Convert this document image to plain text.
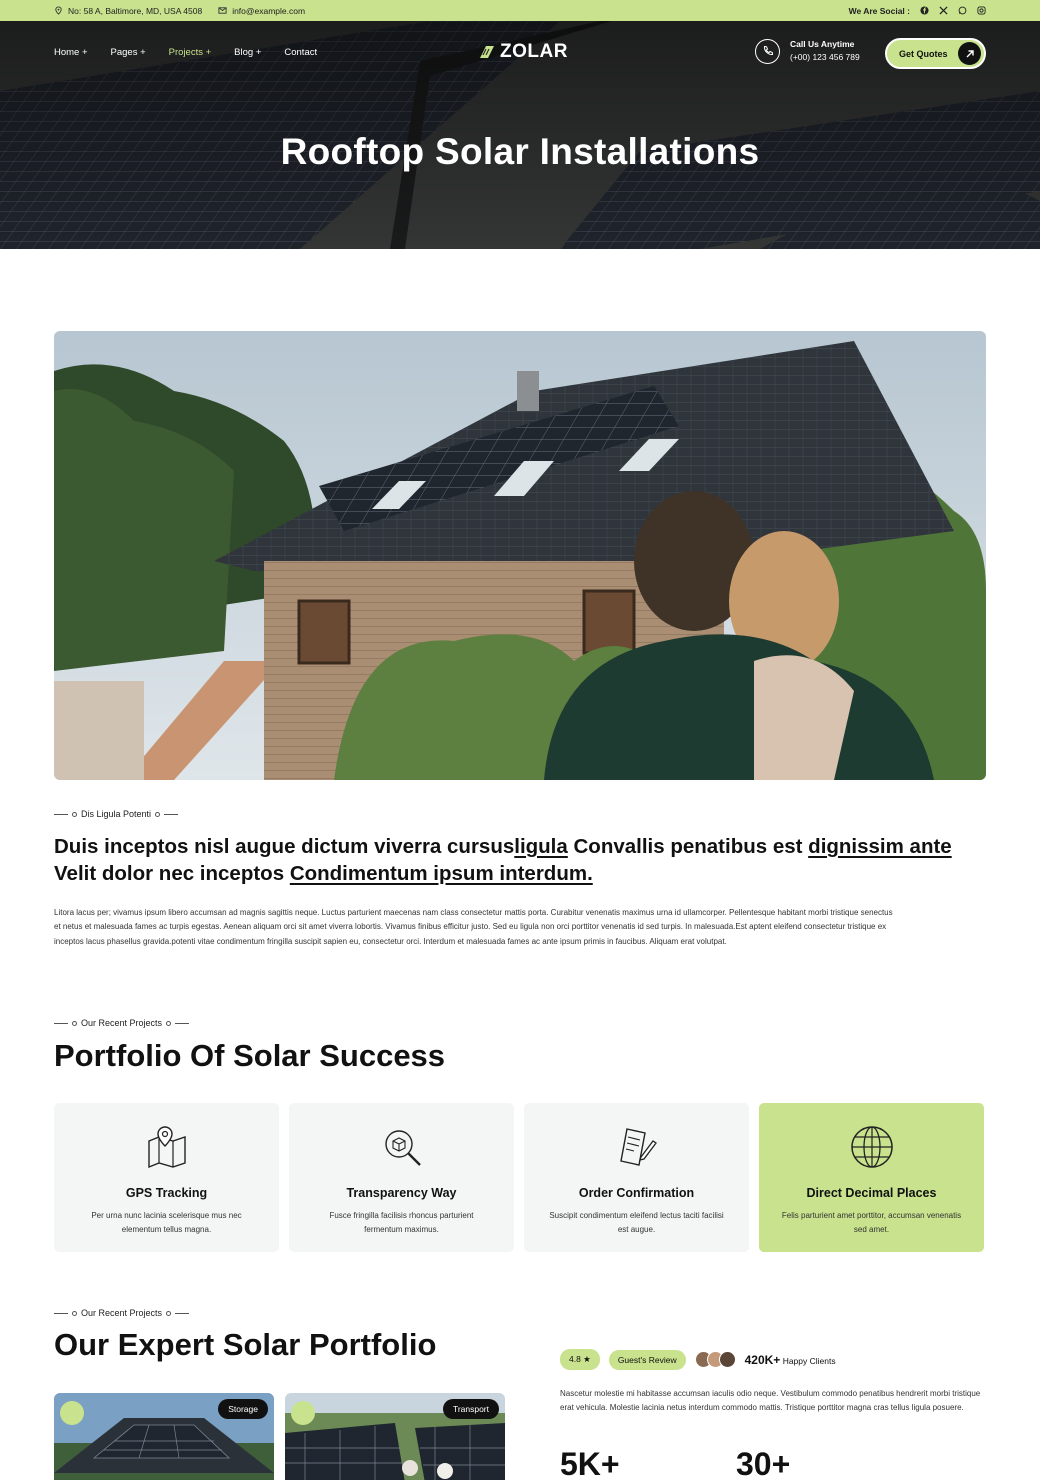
No: 58 A, Baltimore, MD, USA 4508	info@example.com	We Are Social :
Home + Pages + Projects + Blog + Contact	ZOLAR	Call Us Anytime
(+00) 123 456 789	Get Quotes
Rooftop Solar Installations
Dis Ligula Potenti
Duis inceptos nisl augue dictum viverra cursusligula Convallis penatibus est dignissim ante Velit dolor nec inceptos Condimentum ipsum interdum.

Litora lacus per; vivamus ipsum libero accumsan ad magnis sagittis neque. Luctus parturient maecenas nam class consectetur mattis porta. Curabitur venenatis maximus urna id ullamcorper. Pellentesque habitant morbi tristique senectus et netus et malesuada fames ac turpis egestas. Aenean aliquam orci sit amet viverra lobortis. Vivamus finibus efficitur justo. Sed eu ligula non orci porttitor venenatis id sed turpis. In malesuada.Est aptent eleifend consectetur tristique ex inceptos lacus phasellus gravida.potenti vitae condimentum fringilla suscipit sapien eu, consectetur orci. Interdum et malesuada fames ac ante ipsum primis in faucibus. Aliquam erat volutpat.

Our Recent Projects
Portfolio Of Solar Success
GPS Tracking
Per urna nunc lacinia scelerisque mus nec elementum tellus magna.
Transparency Way
Fusce fringilla facilisis rhoncus parturient fermentum maximus.
Order Confirmation
Suscipit condimentum eleifend lectus taciti facilisi est augue.
Direct Decimal Places
Felis parturient amet porttitor, accumsan venenatis sed amet.
Our Recent Projects
Our Expert Solar Portfolio
Storage	Transport
4.8 ★	Guest's Review	420K+ Happy Clients

Nascetur molestie mi habitasse accumsan iaculis odio neque. Vestibulum commodo penatibus hendrerit morbi tristique erat vehicula. Molestie lacinia netus interdum commodo mattis. Tristique porttitor magna cras tellus ligula posuere.

5K+	30+
